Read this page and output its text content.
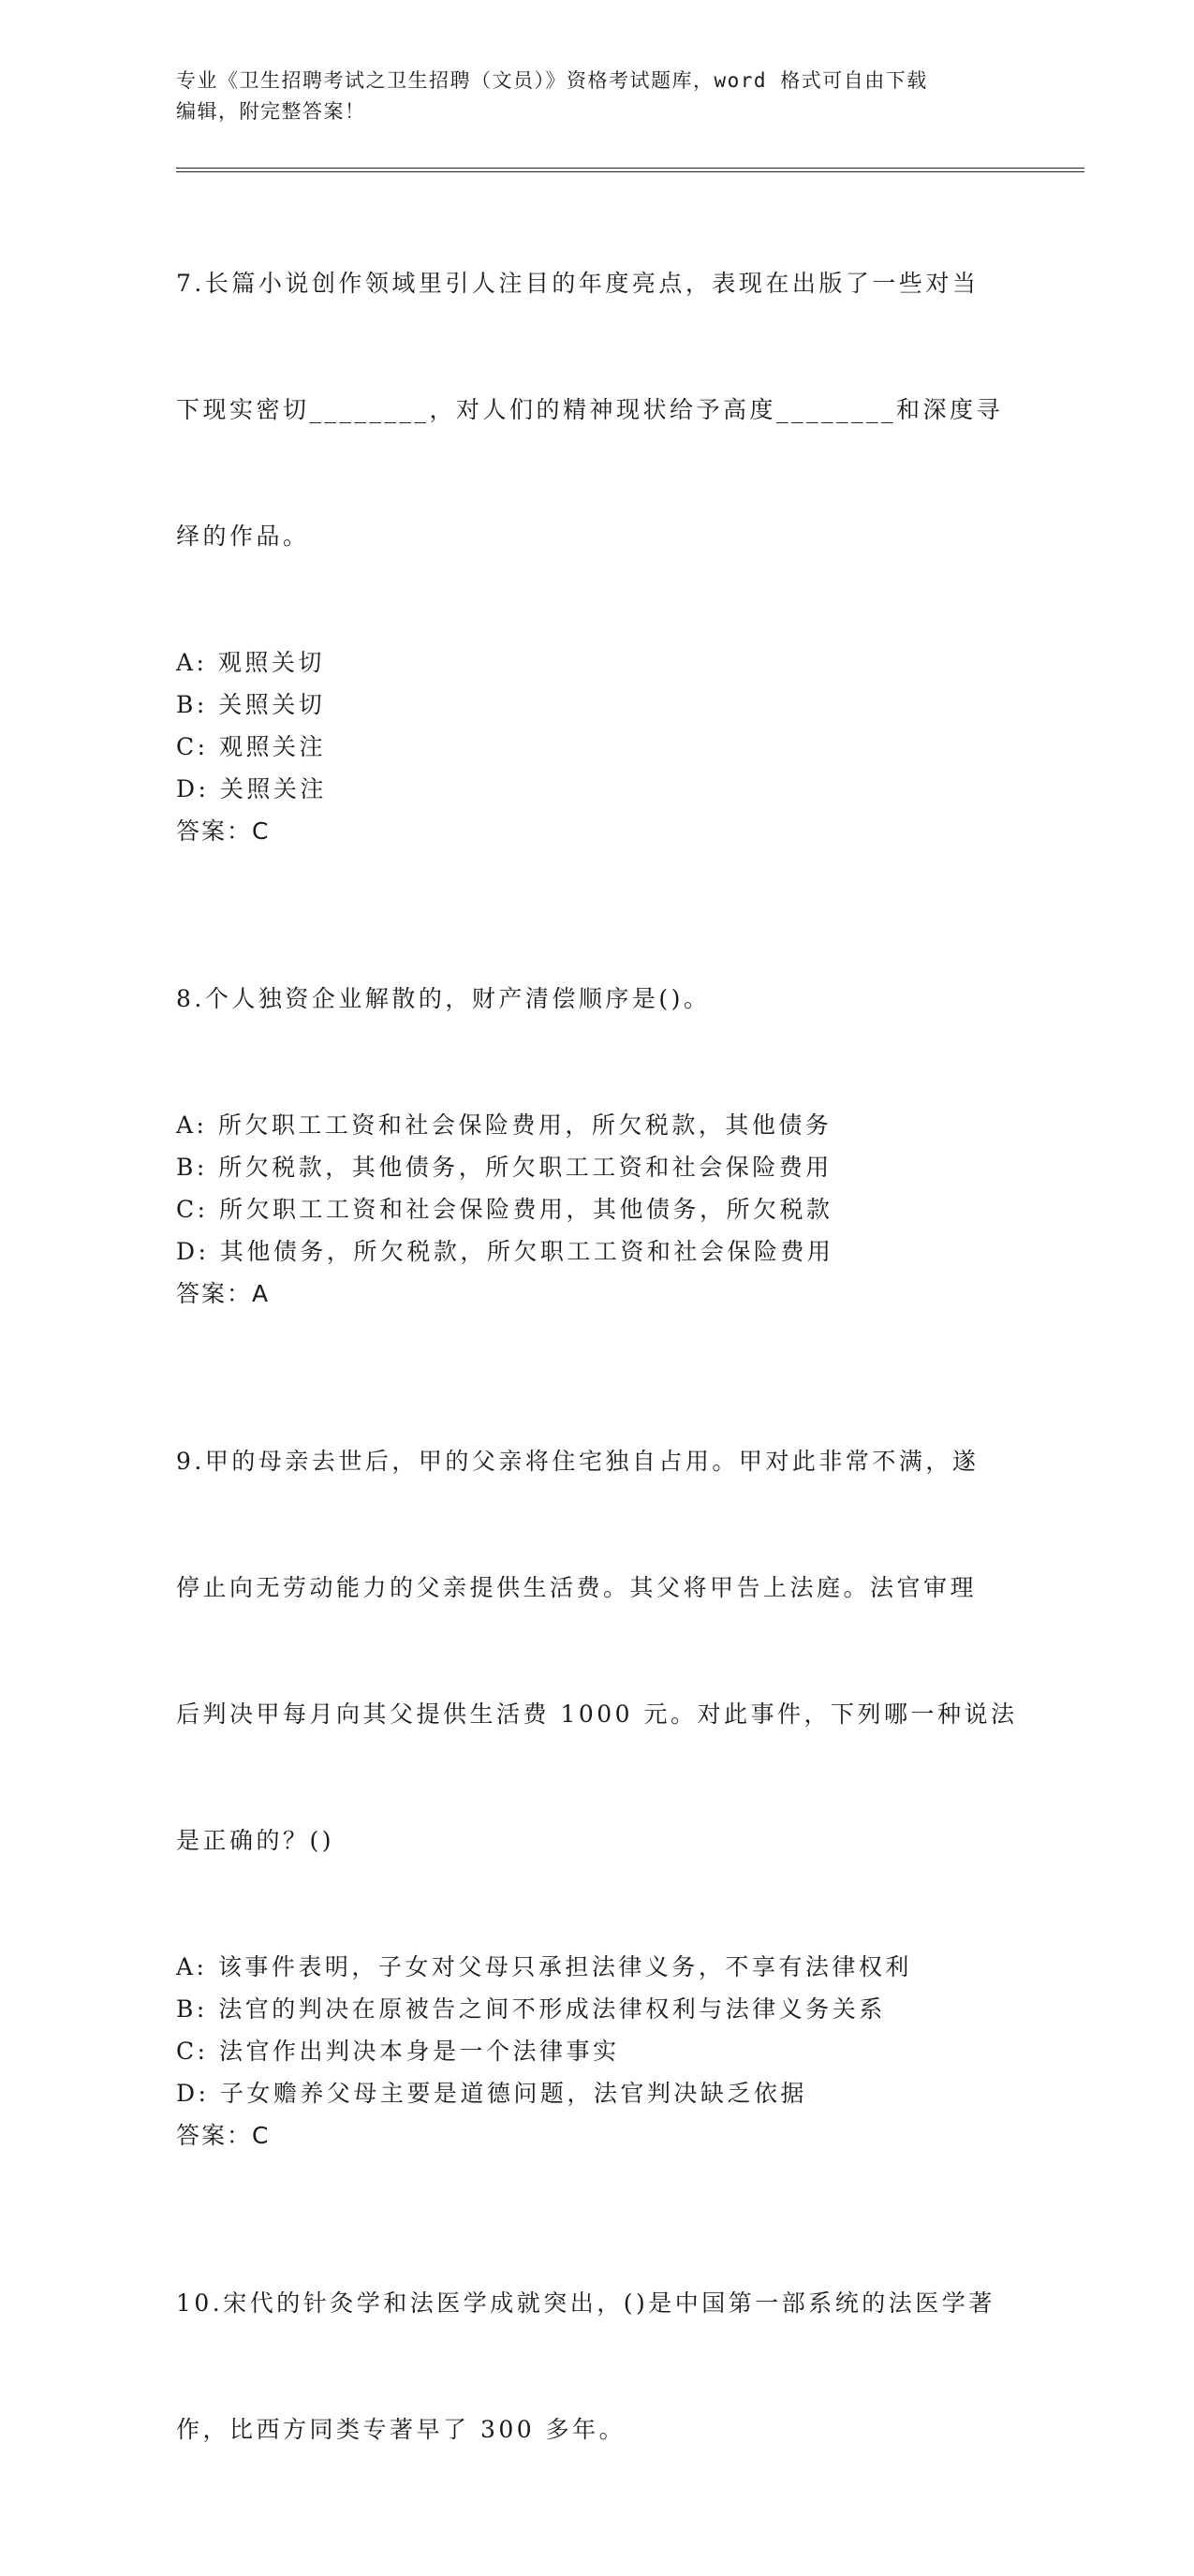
专业《卫生招聘考试之卫生招聘（文员）》资格考试题库，word 格式可自由下载
编辑，附完整答案！

7.长篇小说创作领域里引人注目的年度亮点，表现在出版了一些对当

下现实密切________，对人们的精神现状给予高度________和深度寻

绎的作品。

A: 观照关切
B: 关照关切
C: 观照关注
D: 关照关注
答案：C

8.个人独资企业解散的，财产清偿顺序是()。

A: 所欠职工工资和社会保险费用，所欠税款，其他债务
B: 所欠税款，其他债务，所欠职工工资和社会保险费用
C: 所欠职工工资和社会保险费用，其他债务，所欠税款
D: 其他债务，所欠税款，所欠职工工资和社会保险费用
答案：A

9.甲的母亲去世后，甲的父亲将住宅独自占用。甲对此非常不满，遂

停止向无劳动能力的父亲提供生活费。其父将甲告上法庭。法官审理

后判决甲每月向其父提供生活费 1000 元。对此事件，下列哪一种说法

是正确的？()

A: 该事件表明，子女对父母只承担法律义务，不享有法律权利
B: 法官的判决在原被告之间不形成法律权利与法律义务关系
C: 法官作出判决本身是一个法律事实
D: 子女赡养父母主要是道德问题，法官判决缺乏依据
答案：C

10.宋代的针灸学和法医学成就突出，()是中国第一部系统的法医学著

作，比西方同类专著早了 300 多年。
